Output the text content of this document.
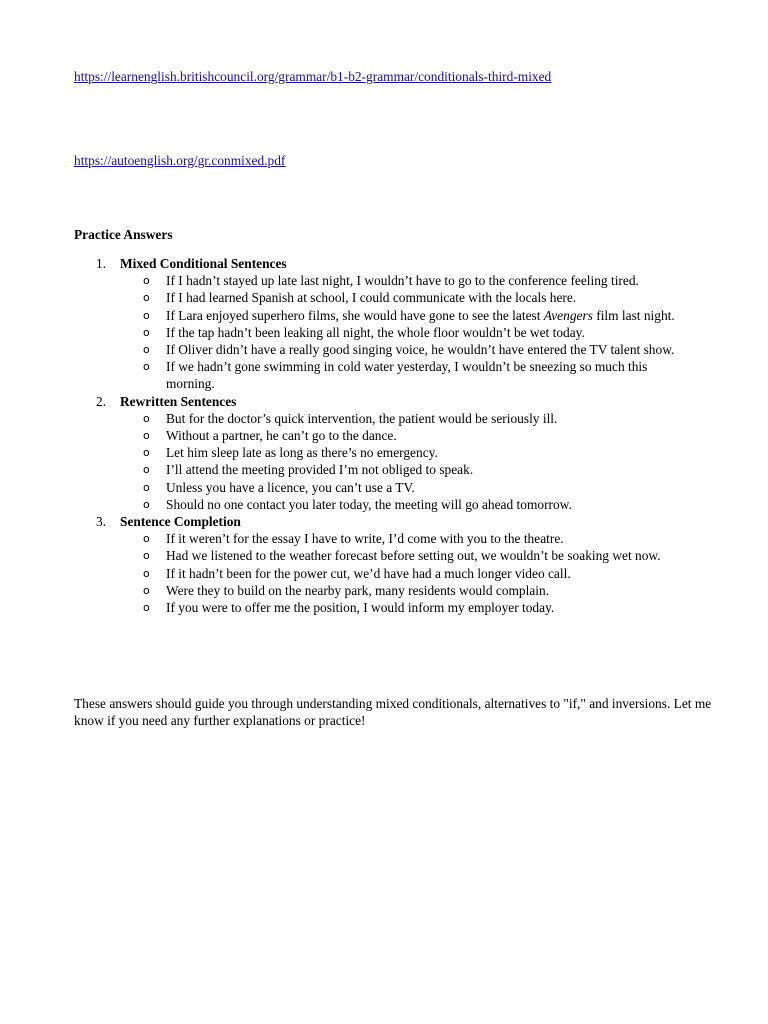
https://learnenglish.britishcouncil.org/grammar/b1-b2-grammar/conditionals-third-mixed
https://autoenglish.org/gr.conmixed.pdf

Practice Answers

1. Mixed Conditional Sentences
o If I hadn’t stayed up late last night, I wouldn’t have to go to the conference feeling tired.
o If I had learned Spanish at school, I could communicate with the locals here.
o If Lara enjoyed superhero films, she would have gone to see the latest Avengers film last night.
o If the tap hadn’t been leaking all night, the whole floor wouldn’t be wet today.
o If Oliver didn’t have a really good singing voice, he wouldn’t have entered the TV talent show.
o If we hadn’t gone swimming in cold water yesterday, I wouldn’t be sneezing so much this morning.
2. Rewritten Sentences
o But for the doctor’s quick intervention, the patient would be seriously ill.
o Without a partner, he can’t go to the dance.
o Let him sleep late as long as there’s no emergency.
o I’ll attend the meeting provided I’m not obliged to speak.
o Unless you have a licence, you can’t use a TV.
o Should no one contact you later today, the meeting will go ahead tomorrow.
3. Sentence Completion
o If it weren’t for the essay I have to write, I’d come with you to the theatre.
o Had we listened to the weather forecast before setting out, we wouldn’t be soaking wet now.
o If it hadn’t been for the power cut, we’d have had a much longer video call.
o Were they to build on the nearby park, many residents would complain.
o If you were to offer me the position, I would inform my employer today.

These answers should guide you through understanding mixed conditionals, alternatives to "if," and inversions. Let me know if you need any further explanations or practice!
